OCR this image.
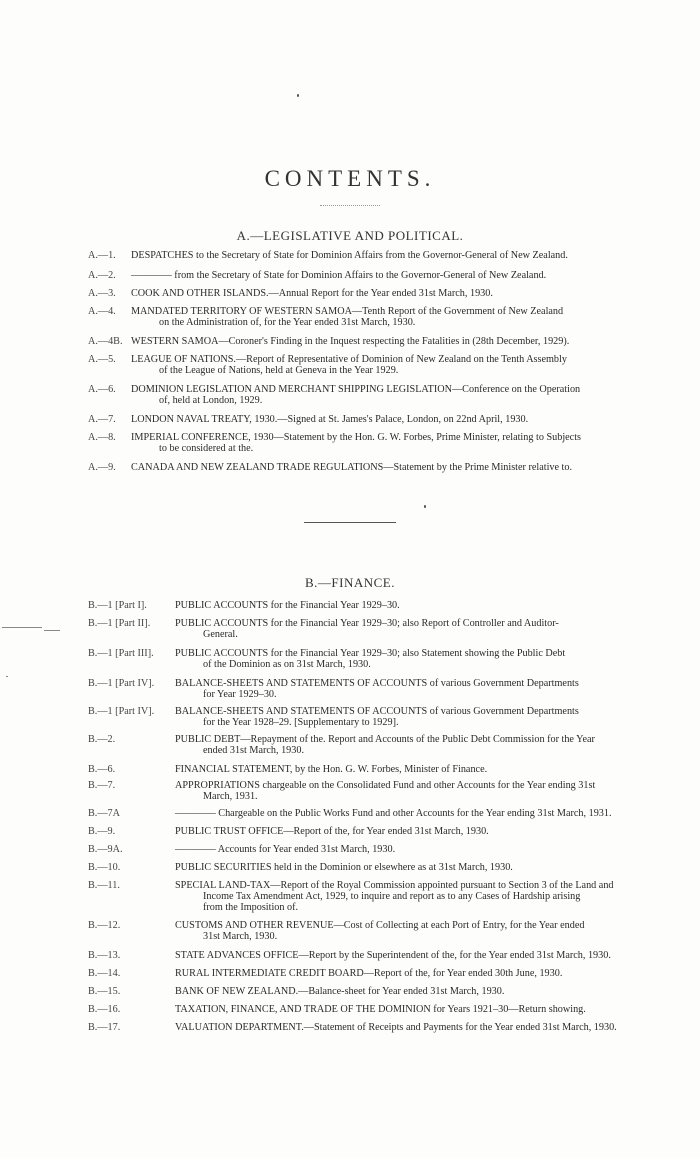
CONTENTS.
A.—LEGISLATIVE AND POLITICAL.
A.—1. DESPATCHES to the Secretary of State for Dominion Affairs from the Governor-General of New Zealand.
A.—2. ———— from the Secretary of State for Dominion Affairs to the Governor-General of New Zealand.
A.—3. COOK AND OTHER ISLANDS.—Annual Report for the Year ended 31st March, 1930.
A.—4. MANDATED TERRITORY OF WESTERN SAMOA—Tenth Report of the Government of New Zealand
on the Administration of, for the Year ended 31st March, 1930.
A.—4B. WESTERN SAMOA—Coroner's Finding in the Inquest respecting the Fatalities in (28th December, 1929).
A.—5. LEAGUE OF NATIONS.—Report of Representative of Dominion of New Zealand on the Tenth Assembly
of the League of Nations, held at Geneva in the Year 1929.
A.—6. DOMINION LEGISLATION AND MERCHANT SHIPPING LEGISLATION—Conference on the Operation
of, held at London, 1929.
A.—7. LONDON NAVAL TREATY, 1930.—Signed at St. James's Palace, London, on 22nd April, 1930.
A.—8. IMPERIAL CONFERENCE, 1930—Statement by the Hon. G. W. Forbes, Prime Minister, relating to Subjects
to be considered at the.
A.—9. CANADA AND NEW ZEALAND TRADE REGULATIONS—Statement by the Prime Minister relative to.
B.—FINANCE.
B.—1 [Part I].	PUBLIC ACCOUNTS for the Financial Year 1929–30.
B.—1 [Part II]. PUBLIC ACCOUNTS for the Financial Year 1929–30; also Report of Controller and Auditor-
General.
B.—1 [Part III]. PUBLIC ACCOUNTS for the Financial Year 1929–30; also Statement showing the Public Debt
of the Dominion as on 31st March, 1930.
B.—1 [Part IV]. BALANCE-SHEETS AND STATEMENTS OF ACCOUNTS of various Government Departments
for Year 1929–30.
B.—1 [Part IV]. BALANCE-SHEETS AND STATEMENTS OF ACCOUNTS of various Government Departments
for the Year 1928–29. [Supplementary to 1929].
B.—2.	PUBLIC DEBT—Repayment of the. Report and Accounts of the Public Debt Commission for the Year
ended 31st March, 1930.
B.—6.	FINANCIAL STATEMENT, by the Hon. G. W. Forbes, Minister of Finance.
B.—7.	APPROPRIATIONS chargeable on the Consolidated Fund and other Accounts for the Year ending 31st
March, 1931.
B.—7A	———— Chargeable on the Public Works Fund and other Accounts for the Year ending 31st March, 1931.
B.—9.	PUBLIC TRUST OFFICE—Report of the, for Year ended 31st March, 1930.
B.—9A.	———— Accounts for Year ended 31st March, 1930.
B.—10.	PUBLIC SECURITIES held in the Dominion or elsewhere as at 31st March, 1930.
B.—11.	SPECIAL LAND-TAX—Report of the Royal Commission appointed pursuant to Section 3 of the Land and
Income Tax Amendment Act, 1929, to inquire and report as to any Cases of Hardship arising
from the Imposition of.
B.—12.	CUSTOMS AND OTHER REVENUE—Cost of Collecting at each Port of Entry, for the Year ended
31st March, 1930.
B.—13.	STATE ADVANCES OFFICE—Report by the Superintendent of the, for the Year ended 31st March, 1930.
B.—14.	RURAL INTERMEDIATE CREDIT BOARD—Report of the, for Year ended 30th June, 1930.
B.—15.	BANK OF NEW ZEALAND.—Balance-sheet for Year ended 31st March, 1930.
B.—16.	TAXATION, FINANCE, AND TRADE OF THE DOMINION for Years 1921–30—Return showing.
B.—17.	VALUATION DEPARTMENT.—Statement of Receipts and Payments for the Year ended 31st March, 1930.
